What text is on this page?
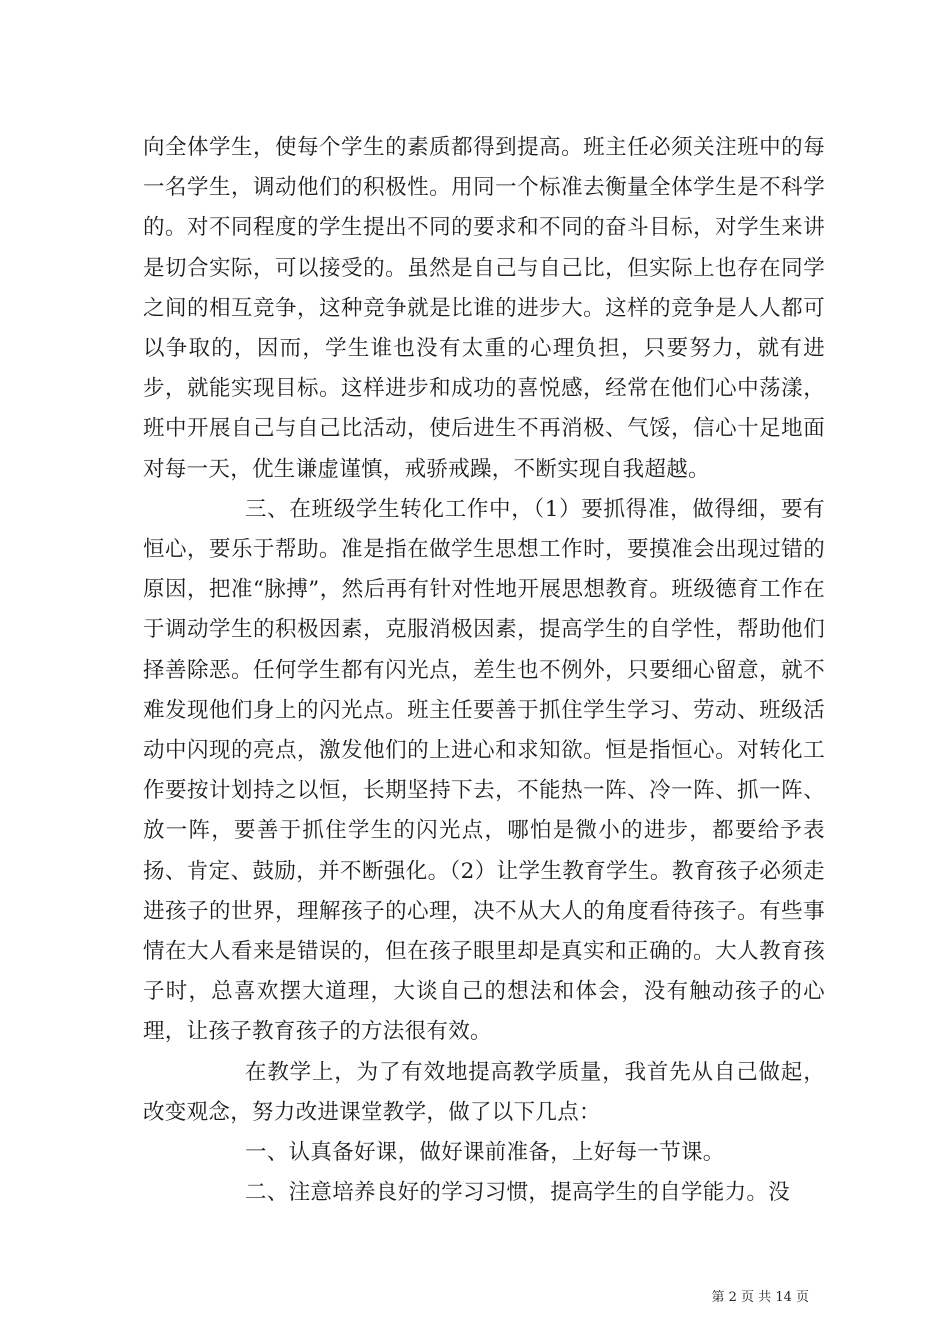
向全体学生，使每个学生的素质都得到提高。班主任必须关注班中的每一名学生，调动他们的积极性。用同一个标准去衡量全体学生是不科学的。对不同程度的学生提出不同的要求和不同的奋斗目标，对学生来讲是切合实际，可以接受的。虽然是自己与自己比，但实际上也存在同学之间的相互竞争，这种竞争就是比谁的进步大。这样的竞争是人人都可以争取的，因而，学生谁也没有太重的心理负担，只要努力，就有进步，就能实现目标。这样进步和成功的喜悦感，经常在他们心中荡漾，班中开展自己与自己比活动，使后进生不再消极、气馁，信心十足地面对每一天，优生谦虚谨慎，戒骄戒躁，不断实现自我超越。

三、在班级学生转化工作中，（1）要抓得准，做得细，要有恒心，要乐于帮助。准是指在做学生思想工作时，要摸准会出现过错的原因，把准“脉搏”，然后再有针对性地开展思想教育。班级德育工作在于调动学生的积极因素，克服消极因素，提高学生的自学性，帮助他们择善除恶。任何学生都有闪光点，差生也不例外，只要细心留意，就不难发现他们身上的闪光点。班主任要善于抓住学生学习、劳动、班级活动中闪现的亮点，激发他们的上进心和求知欲。恒是指恒心。对转化工作要按计划持之以恒，长期坚持下去，不能热一阵、冷一阵、抓一阵、放一阵，要善于抓住学生的闪光点，哪怕是微小的进步，都要给予表扬、肯定、鼓励，并不断强化。（2）让学生教育学生。教育孩子必须走进孩子的世界，理解孩子的心理，决不从大人的角度看待孩子。有些事情在大人看来是错误的，但在孩子眼里却是真实和正确的。大人教育孩子时，总喜欢摆大道理，大谈自己的想法和体会，没有触动孩子的心理，让孩子教育孩子的方法很有效。

在教学上，为了有效地提高教学质量，我首先从自己做起，改变观念，努力改进课堂教学，做了以下几点：

一、认真备好课，做好课前准备，上好每一节课。

二、注意培养良好的学习习惯，提高学生的自学能力。没

第 2 页 共 14 页
